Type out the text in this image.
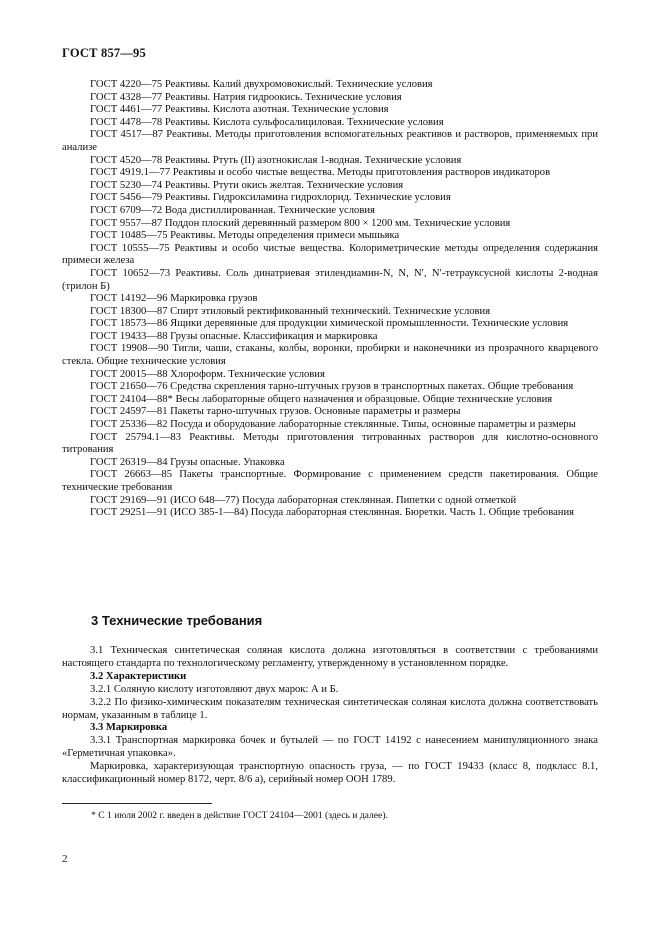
ГОСТ 857—95

ГОСТ 4220—75 Реактивы. Калий двухромовокислый. Технические условия

ГОСТ 4328—77 Реактивы. Натрия гидроокись. Технические условия

ГОСТ 4461—77 Реактивы. Кислота азотная. Технические условия

ГОСТ 4478—78 Реактивы. Кислота сульфосалициловая. Технические условия

ГОСТ 4517—87 Реактивы. Методы приготовления вспомогательных реактивов и растворов, применяемых при анализе

ГОСТ 4520—78 Реактивы. Ртуть (II) азотнокислая 1-водная. Технические условия

ГОСТ 4919.1—77 Реактивы и особо чистые вещества. Методы приготовления растворов индикаторов

ГОСТ 5230—74 Реактивы. Ртути окись желтая. Технические условия

ГОСТ 5456—79 Реактивы. Гидроксиламина гидрохлорид. Технические условия

ГОСТ 6709—72 Вода дистиллированная. Технические условия

ГОСТ 9557—87 Поддон плоский деревянный размером 800 × 1200 мм. Технические условия

ГОСТ 10485—75 Реактивы. Методы определения примеси мышьяка

ГОСТ 10555—75 Реактивы и особо чистые вещества. Колориметрические методы определения содержания примеси железа

ГОСТ 10652—73 Реактивы. Соль динатриевая этилендиамин-N, N, N′, N′-тетрауксусной кислоты 2-водная (трилон Б)

ГОСТ 14192—96 Маркировка грузов

ГОСТ 18300—87 Спирт этиловый ректификованный технический. Технические условия

ГОСТ 18573—86 Ящики деревянные для продукции химической промышленности. Технические условия

ГОСТ 19433—88 Грузы опасные. Классификация и маркировка

ГОСТ 19908—90 Тигли, чаши, стаканы, колбы, воронки, пробирки и наконечники из прозрачного кварцевого стекла. Общие технические условия

ГОСТ 20015—88 Хлороформ. Технические условия

ГОСТ 21650—76 Средства скрепления тарно-штучных грузов в транспортных пакетах. Общие требования

ГОСТ 24104—88* Весы лабораторные общего назначения и образцовые. Общие технические условия

ГОСТ 24597—81 Пакеты тарно-штучных грузов. Основные параметры и размеры

ГОСТ 25336—82 Посуда и оборудование лабораторные стеклянные. Типы, основные параметры и размеры

ГОСТ 25794.1—83 Реактивы. Методы приготовления титрованных растворов для кислотно-основного титрования

ГОСТ 26319—84 Грузы опасные. Упаковка

ГОСТ 26663—85 Пакеты транспортные. Формирование с применением средств пакетирования. Общие технические требования

ГОСТ 29169—91 (ИСО 648—77) Посуда лабораторная стеклянная. Пипетки с одной отметкой

ГОСТ 29251—91 (ИСО 385-1—84) Посуда лабораторная стеклянная. Бюретки. Часть 1. Общие требования

3 Технические требования

3.1 Техническая синтетическая соляная кислота должна изготовляться в соответствии с требованиями настоящего стандарта по технологическому регламенту, утвержденному в установленном порядке.

3.2 Характеристики

3.2.1 Соляную кислоту изготовляют двух марок: А и Б.

3.2.2 По физико-химическим показателям техническая синтетическая соляная кислота должна соответствовать нормам, указанным в таблице 1.

3.3 Маркировка

3.3.1 Транспортная маркировка бочек и бутылей — по ГОСТ 14192 с нанесением манипуляционного знака «Герметичная упаковка».

Маркировка, характеризующая транспортную опасность груза, — по ГОСТ 19433 (класс 8, подкласс 8.1, классификационный номер 8172, черт. 8/6 а), серийный номер ООН 1789.

* С 1 июля 2002 г. введен в действие ГОСТ 24104—2001 (здесь и далее).
2
